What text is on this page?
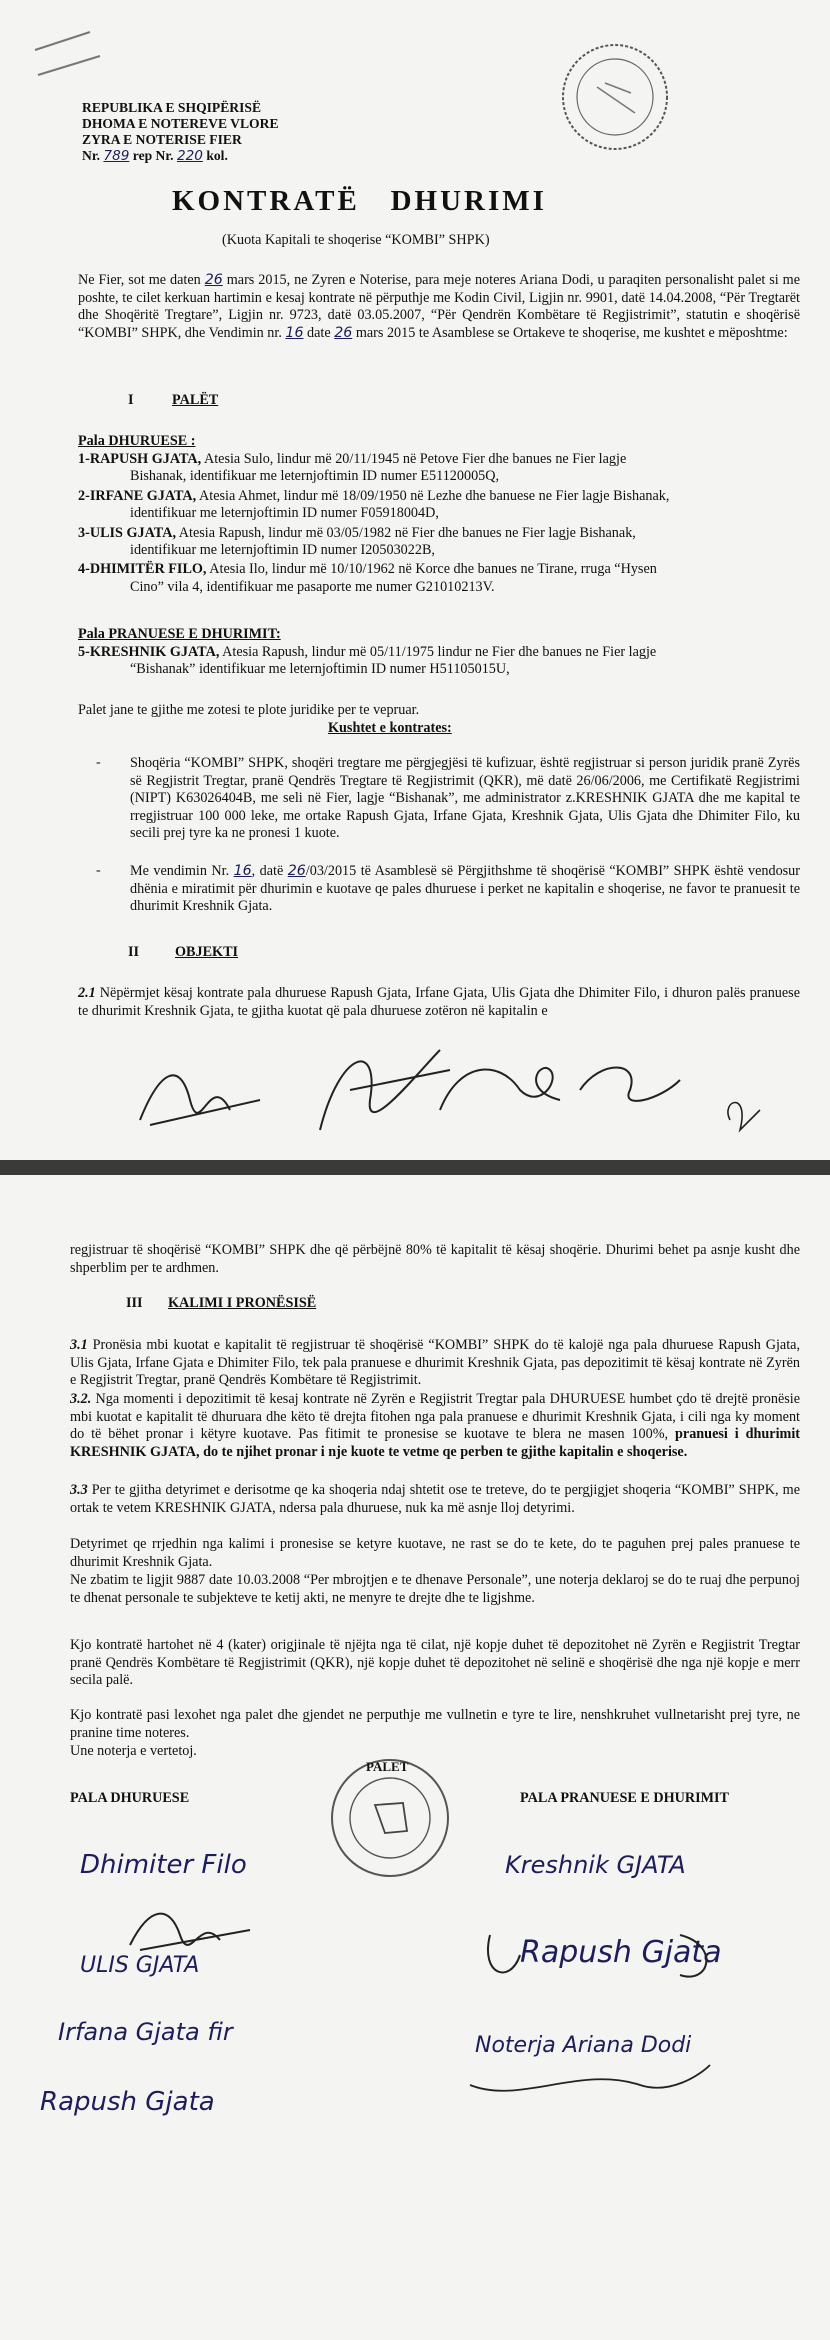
REPUBLIKA E SHQIPËRISË
DHOMA E NOTEREVE VLORE
ZYRA E NOTERISE FIER
Nr. 789 rep Nr. 220 kol.
KONTRATË   DHURIMI
(Kuota Kapitali te shoqerise “KOMBI” SHPK)
Ne Fier, sot me daten 26 mars 2015, ne Zyren e Noterise, para meje noteres Ariana Dodi, u paraqiten personalisht palet si me poshte, te cilet kerkuan hartimin e kesaj kontrate në përputhje me Kodin Civil, Ligjin nr. 9901, datë 14.04.2008, “Për Tregtarët dhe Shoqëritë Tregtare”, Ligjin nr. 9723, datë 03.05.2007, “Për Qendrën Kombëtare të Regjistrimit”, statutin e shoqërisë “KOMBI” SHPK, dhe Vendimin nr. 16 date 26 mars 2015 te Asamblese se Ortakeve te shoqerise, me kushtet e mëposhtme:
I	PALËT
Pala DHURUESE :
1-RAPUSH GJATA, Atesia Sulo, lindur më 20/11/1945 në Petove Fier dhe banues ne Fier lagje
Bishanak, identifikuar me leternjoftimin ID numer E51120005Q,
2-IRFANE GJATA, Atesia Ahmet, lindur më 18/09/1950 në Lezhe dhe banuese ne Fier lagje Bishanak,
identifikuar me leternjoftimin ID numer F05918004D,
3-ULIS GJATA, Atesia Rapush, lindur më 03/05/1982 në Fier dhe banues ne Fier lagje Bishanak,
identifikuar me leternjoftimin ID numer I20503022B,
4-DHIMITËR FILO, Atesia Ilo, lindur më 10/10/1962 në Korce dhe banues ne Tirane, rruga “Hysen
Cino” vila 4, identifikuar me pasaporte me numer G21010213V.
Pala PRANUESE E DHURIMIT:
5-KRESHNIK GJATA, Atesia Rapush, lindur më 05/11/1975 lindur ne Fier dhe banues ne Fier lagje
“Bishanak” identifikuar me leternjoftimin ID numer H51105015U,
Palet jane te gjithe me zotesi te plote juridike per te vepruar.
Kushtet e kontrates:
- Shoqëria “KOMBI” SHPK, shoqëri tregtare me përgjegjësi të kufizuar, është regjistruar si person juridik pranë Zyrës së Regjistrit Tregtar, pranë Qendrës Tregtare të Regjistrimit (QKR), më datë 26/06/2006, me Certifikatë Regjistrimi (NIPT) K63026404B, me seli në Fier, lagje “Bishanak”, me administrator z.KRESHNIK GJATA dhe me kapital te rregjistruar 100 000 leke, me ortake Rapush Gjata, Irfane Gjata, Kreshnik Gjata, Ulis Gjata dhe Dhimiter Filo, ku secili prej tyre ka ne pronesi 1 kuote.
- Me vendimin Nr. 16, datë 26/03/2015 të Asamblesë së Përgjithshme të shoqërisë “KOMBI” SHPK është vendosur dhënia e miratimit për dhurimin e kuotave qe pales dhuruese i perket ne kapitalin e shoqerise, ne favor te pranuesit te dhurimit Kreshnik Gjata.
II	OBJEKTI
2.1 Nëpërmjet kësaj kontrate pala dhuruese Rapush Gjata, Irfane Gjata, Ulis Gjata dhe Dhimiter Filo, i dhuron palës pranuese te dhurimit Kreshnik Gjata, te gjitha kuotat që pala dhuruese zotëron në kapitalin e
regjistruar të shoqërisë “KOMBI” SHPK dhe që përbëjnë 80% të kapitalit të kësaj shoqërie. Dhurimi behet pa asnje kusht dhe shperblim per te ardhmen.
III KALIMI I PRONËSISË
3.1 Pronësia mbi kuotat e kapitalit të regjistruar të shoqërisë “KOMBI” SHPK do të kalojë nga pala dhuruese Rapush Gjata, Ulis Gjata, Irfane Gjata e Dhimiter Filo, tek pala pranuese e dhurimit Kreshnik Gjata, pas depozitimit të kësaj kontrate në Zyrën e Regjistrit Tregtar, pranë Qendrës Kombëtare të Regjistrimit.
3.2. Nga momenti i depozitimit të kesaj kontrate në Zyrën e Regjistrit Tregtar pala DHURUESE humbet çdo të drejtë pronësie mbi kuotat e kapitalit të dhuruara dhe këto të drejta fitohen nga pala pranuese e dhurimit Kreshnik Gjata, i cili nga ky moment do të bëhet pronar i këtyre kuotave. Pas fitimit te pronesise se kuotave te blera ne masen 100%, pranuesi i dhurimit KRESHNIK GJATA, do te njihet pronar i nje kuote te vetme qe perben te gjithe kapitalin e shoqerise.
3.3 Per te gjitha detyrimet e derisotme qe ka shoqeria ndaj shtetit ose te treteve, do te pergjigjet shoqeria “KOMBI” SHPK, me ortak te vetem KRESHNIK GJATA, ndersa pala dhuruese, nuk ka më asnje lloj detyrimi.
Detyrimet qe rrjedhin nga kalimi i pronesise se ketyre kuotave, ne rast se do te kete, do te paguhen prej pales pranuese te dhurimit Kreshnik Gjata.
Ne zbatim te ligjit 9887 date 10.03.2008 “Per mbrojtjen e te dhenave Personale”, une noterja deklaroj se do te ruaj dhe perpunoj te dhenat personale te subjekteve te ketij akti, ne menyre te drejte dhe te ligjshme.
Kjo kontratë hartohet në 4 (kater) origjinale të njëjta nga të cilat, një kopje duhet të depozitohet në Zyrën e Regjistrit Tregtar pranë Qendrës Kombëtare të Regjistrimit (QKR), një kopje duhet të depozitohet në selinë e shoqërisë dhe nga një kopje e merr secila palë.
Kjo kontratë pasi lexohet nga palet dhe gjendet ne perputhje me vullnetin e tyre te lire, nenshkruhet vullnetarisht prej tyre, ne pranine time noteres.
Une noterja e vertetoj.
PALA DHURUESE	PALA PRANUESE E DHURIMIT
PALET
Dhimiter Filo
ULIS GJATA
Irfana Gjata fir
Rapush Gjata
Kreshnik GJATA
Rapush Gjata
Noterja Ariana Dodi
